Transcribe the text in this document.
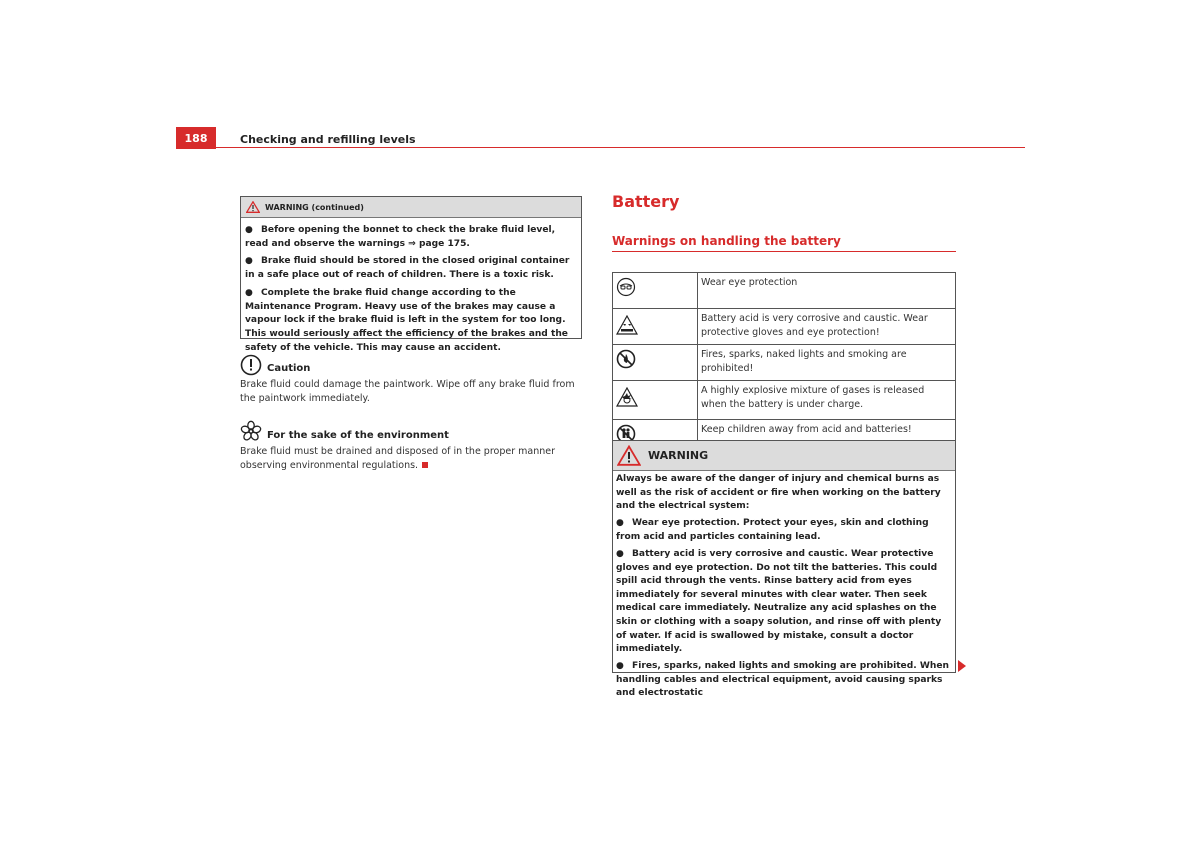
188	Checking and refilling levels
WARNING (continued)

● Before opening the bonnet to check the brake fluid level, read and observe the warnings ⇒ page 175.

● Brake fluid should be stored in the closed original container in a safe place out of reach of children. There is a toxic risk.

● Complete the brake fluid change according to the Maintenance Program. Heavy use of the brakes may cause a vapour lock if the brake fluid is left in the system for too long. This would seriously affect the efficiency of the brakes and the safety of the vehicle. This may cause an accident.

Caution
Brake fluid could damage the paintwork. Wipe off any brake fluid from the paintwork immediately.
For the sake of the environment
Brake fluid must be drained and disposed of in the proper manner observing environmental regulations.
Battery
Warnings on handling the battery
	Wear eye protection

	Battery acid is very corrosive and caustic. Wear protective gloves and eye protection!

	Fires, sparks, naked lights and smoking are prohibited!

	A highly explosive mixture of gases is released when the battery is under charge.

	Keep children away from acid and batteries!
WARNING

Always be aware of the danger of injury and chemical burns as well as the risk of accident or fire when working on the battery and the electrical system:

● Wear eye protection. Protect your eyes, skin and clothing from acid and particles containing lead.

● Battery acid is very corrosive and caustic. Wear protective gloves and eye protection. Do not tilt the batteries. This could spill acid through the vents. Rinse battery acid from eyes immediately for several minutes with clear water. Then seek medical care immediately. Neutralize any acid splashes on the skin or clothing with a soapy solution, and rinse off with plenty of water. If acid is swallowed by mistake, consult a doctor immediately.

● Fires, sparks, naked lights and smoking are prohibited. When handling cables and electrical equipment, avoid causing sparks and electrostatic
